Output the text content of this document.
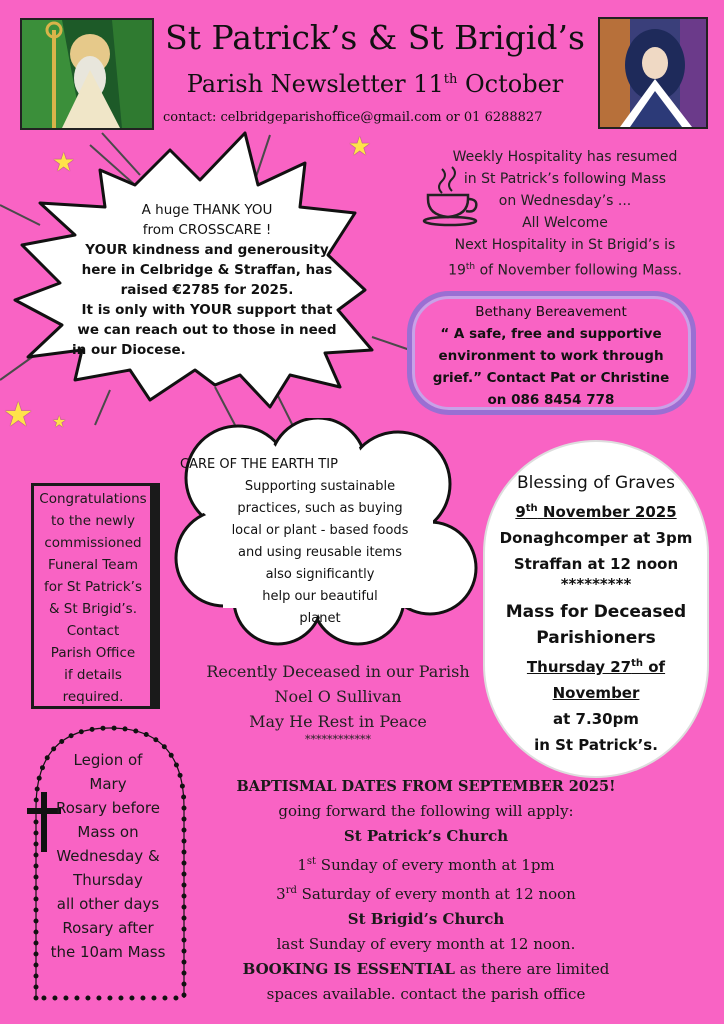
St Patrick’s & St Brigid’s
Parish Newsletter 11th October
contact: celbridgeparishoffice@gmail.com or 01 6288827
A huge THANK YOU
from CROSSCARE !
YOUR kindness and generousity
here in Celbridge & Straffan, has
raised €2785 for 2025.
It is only with YOUR support that
we can reach out to those in need
in our Diocese.
★
★
★ ★
Weekly Hospitality has resumed
in St Patrick’s following Mass
on Wednesday’s ...
All Welcome
Next Hospitality in St Brigid’s is
19th of November following Mass.
Bethany Bereavement
“ A safe, free and supportive
environment to work through
grief.” Contact Pat or Christine
on 086 8454 778
CARE OF THE EARTH TIP
Supporting sustainable
practices, such as buying
local or plant - based foods
and using reusable items
also significantly
help our beautiful
planet
Congratulations
to the newly
commissioned
Funeral Team
for St Patrick’s
& St Brigid’s.
Contact
Parish Office
if details
required.
Blessing of Graves
9th November 2025
Donaghcomper at 3pm
Straffan at 12 noon
*********
Mass for Deceased
Parishioners
Thursday 27th of
November
at 7.30pm
in St Patrick’s.
Recently Deceased in our Parish
Noel O Sullivan
May He Rest in Peace
************
Legion of
Mary
Rosary before
Mass on
Wednesday &
Thursday
all other days
Rosary after
the 10am Mass
BAPTISMAL DATES FROM SEPTEMBER 2025!
going forward the following will apply:
St Patrick’s Church
1st Sunday of every month at 1pm
3rd Saturday of every month at 12 noon
St Brigid’s Church
last Sunday of every month at 12 noon.
BOOKING IS ESSENTIAL as there are limited
spaces available. contact the parish office
